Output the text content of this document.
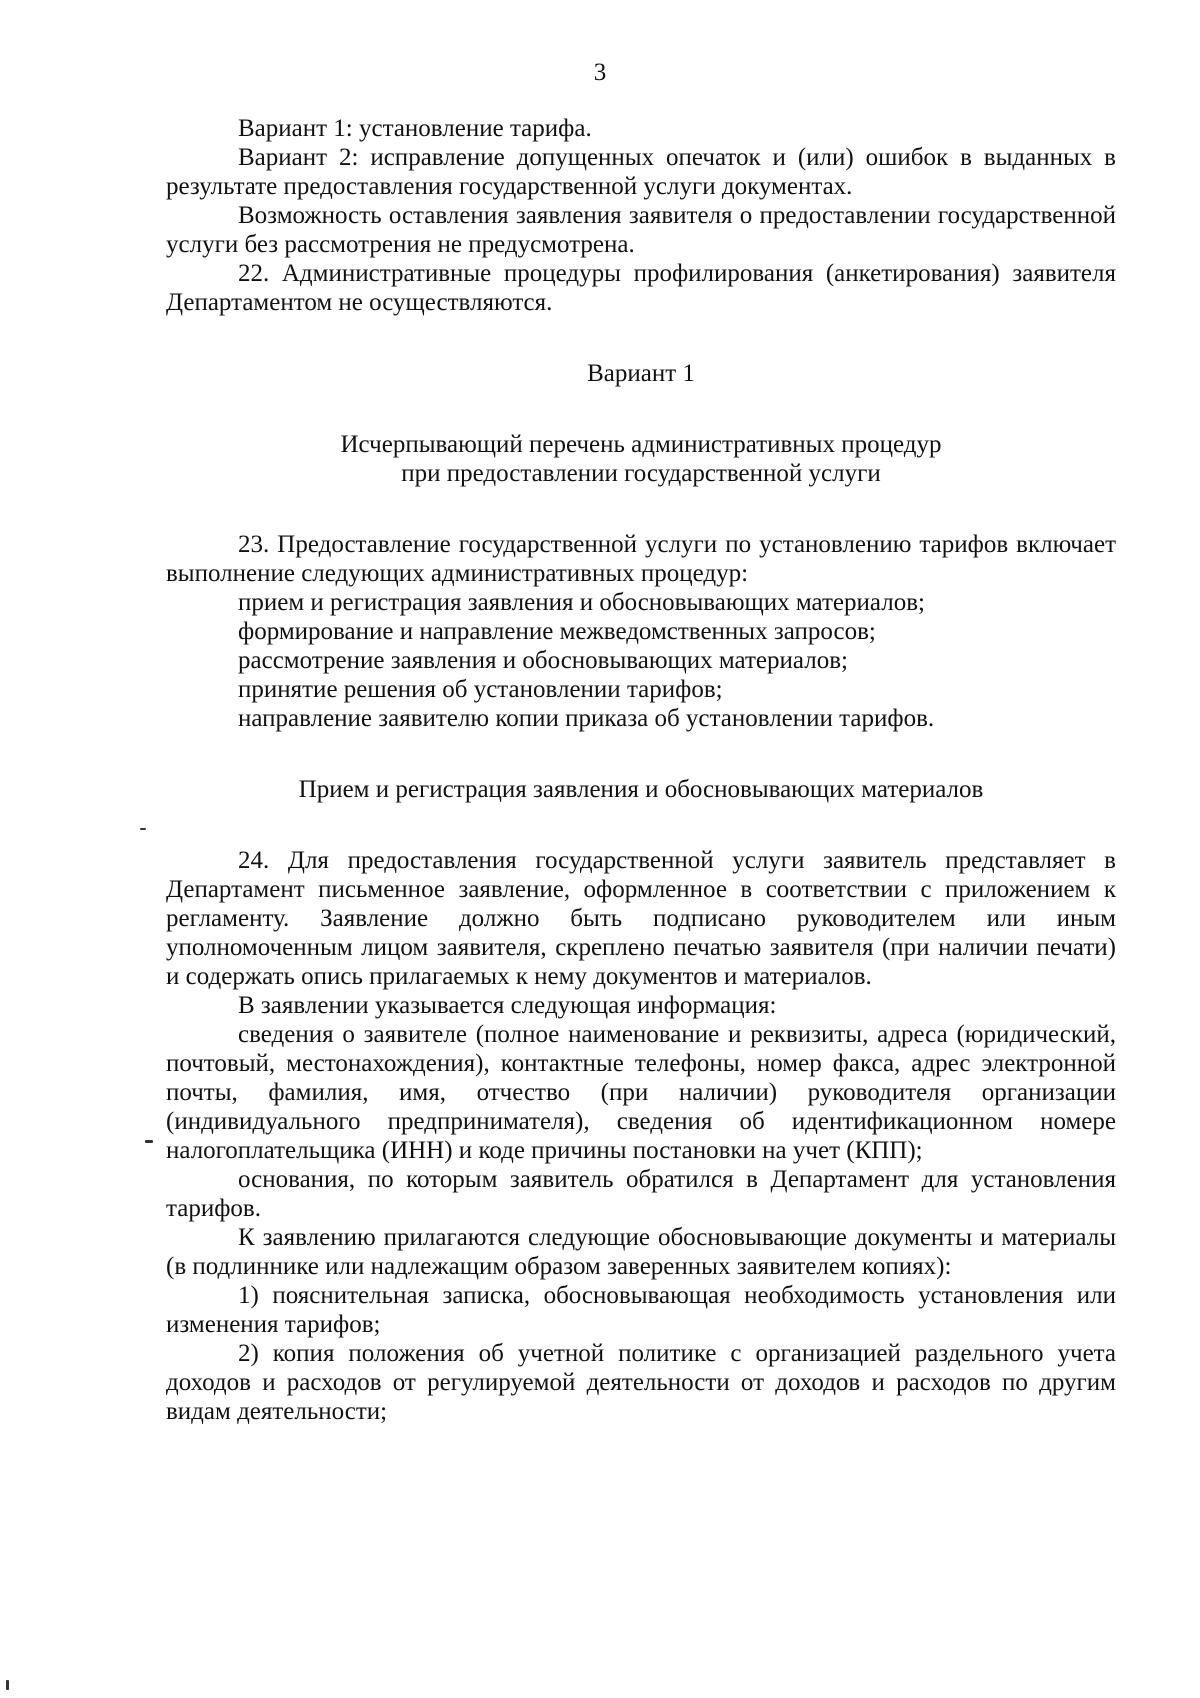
3

Вариант 1: установление тарифа.

Вариант 2: исправление допущенных опечаток и (или) ошибок в выданных в результате предоставления государственной услуги документах.

Возможность оставления заявления заявителя о предоставлении государственной услуги без рассмотрения не предусмотрена.

22. Административные процедуры профилирования (анкетирования) заявителя Департаментом не осуществляются.

Вариант 1

Исчерпывающий перечень административных процедур

при предоставлении государственной услуги

23. Предоставление государственной услуги по установлению тарифов включает выполнение следующих административных процедур:

прием и регистрация заявления и обосновывающих материалов;

формирование и направление межведомственных запросов;

рассмотрение заявления и обосновывающих материалов;

принятие решения об установлении тарифов;

направление заявителю копии приказа об установлении тарифов.

Прием и регистрация заявления и обосновывающих материалов

24. Для предоставления государственной услуги заявитель представляет в Департамент письменное заявление, оформленное в соответствии с приложением к регламенту. Заявление должно быть подписано руководителем или иным уполномоченным лицом заявителя, скреплено печатью заявителя (при наличии печати) и содержать опись прилагаемых к нему документов и материалов.

В заявлении указывается следующая информация:

сведения о заявителе (полное наименование и реквизиты, адреса (юридический, почтовый, местонахождения), контактные телефоны, номер факса, адрес электронной почты, фамилия, имя, отчество (при наличии) руководителя организации (индивидуального предпринимателя), сведения об идентификационном номере налогоплательщика (ИНН) и коде причины постановки на учет (КПП);

основания, по которым заявитель обратился в Департамент для установления тарифов.

К заявлению прилагаются следующие обосновывающие документы и материалы (в подлиннике или надлежащим образом заверенных заявителем копиях):

1) пояснительная записка, обосновывающая необходимость установления или изменения тарифов;

2) копия положения об учетной политике с организацией раздельного учета доходов и расходов от регулируемой деятельности от доходов и расходов по другим видам деятельности;
